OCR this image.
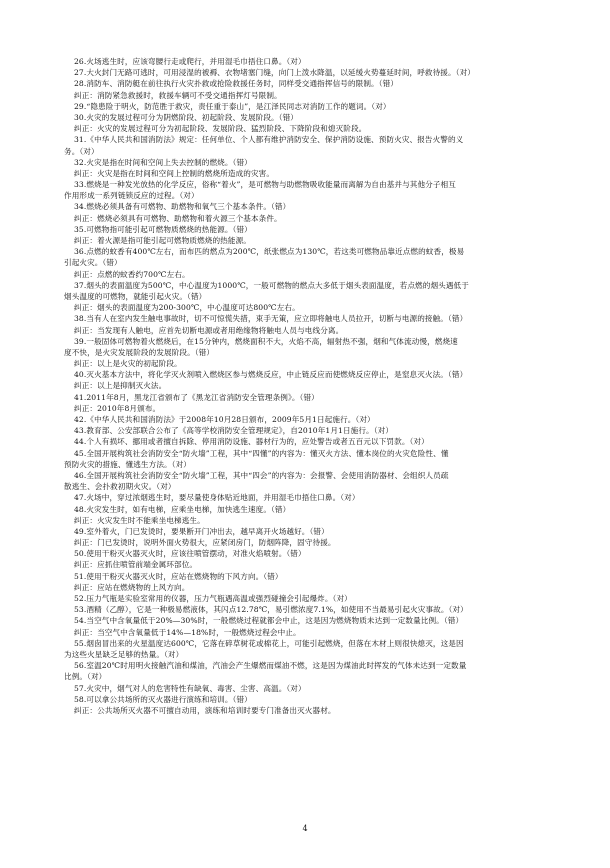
26.火场逃生时，应该弯腰行走或爬行，并用湿毛巾捂住口鼻。（对）
27.大火封门无路可逃时，可用浸湿的被褥、衣物堵塞门缝，向门上泼水降温，以延缓火势蔓延时间，呼救待援。（对）
28.消防车、消防艇在前往执行火灾扑救或抢险救援任务时，同样受交通指挥信号的限制。（错）
纠正：消防紧急救援时，救援车辆可不受交通指挥灯号限制。
29.“隐患险于明火，防范胜于救灾，责任重于泰山”，是江泽民同志对消防工作的题词。（对）
30.火灾的发展过程可分为阴燃阶段、初起阶段、发展阶段。（错）
纠正：火灾的发展过程可分为初起阶段、发展阶段、猛烈阶段、下降阶段和熄灭阶段。
31.《中华人民共和国消防法》规定：任何单位、个人都有维护消防安全、保护消防设施、预防火灾、报告火警的义
务。（对）
32.火灾是指在时间和空间上失去控制的燃烧。（错）
纠正：火灾是指在时间和空间上控制的燃烧所造成的灾害。
33.燃烧是一种发光放热的化学反应，俗称“着火”，是可燃物与助燃物吸收能量而离解为自由基并与其他分子相互
作用形成一系列链锁反应的过程。（对）
34.燃烧必须具备有可燃物、助燃物和氧气三个基本条件。（错）
纠正：燃烧必须具有可燃物、助燃物和着火源三个基本条件。
35.可燃物指可能引起可燃物质燃烧的热能源。（错）
纠正：着火源是指可能引起可燃物质燃烧的热能源。
36.点燃的蚊香有400℃左右，而布匹的燃点为200℃，纸张燃点为130℃，若这类可燃物品靠近点燃的蚊香，极易
引起火灾。（错）
纠正：点燃的蚊香约700℃左右。
37.烟头的表面温度为500℃，中心温度为1000℃，一般可燃物的燃点大多低于烟头表面温度，若点燃的烟头遇低于
烟头温度的可燃物，就能引起火灾。（错）
纠正：烟头的表面温度为200-300℃，中心温度可达800℃左右。
38.当有人在室内发生触电事故时，切不可惊慌失措，束手无策，应立即将触电人员拉开，切断与电源的接触。（错）
纠正：当发现有人触电，应首先切断电源或者用绝缘物将触电人员与电线分离。
39.一般固体可燃物着火燃烧后，在15分钟内，燃烧面积不大，火焰不高，辐射热不强，烟和气体流动慢，燃烧速
度不快，是火灾发展阶段的发展阶段。（错）
纠正：以上是火灾的初起阶段。
40.灭火基本方法中，将化学灭火剂喷入燃烧区参与燃烧反应，中止链反应而使燃烧反应停止，是窒息灭火法。（错）
纠正：以上是抑制灭火法。
41.2011年8月，黑龙江省颁布了《黑龙江省消防安全管理条例》。（错）
纠正：2010年8月颁布。
42.《中华人民共和国消防法》于2008年10月28日颁布，2009年5月1日起施行。（对）
43.教育部、公安部联合公布了《高等学校消防安全管理规定》，自2010年1月1日施行。（对）
44.个人有损坏、挪用或者擅自拆除、停用消防设施、器材行为的，应处警告或者五百元以下罚款。（对）
45.全国开展构筑社会消防安全“防火墙”工程，其中“四懂”的内容为：懂灭火方法、懂本岗位的火灾危险性、懂
预防火灾的措施、懂逃生方法。（对）
46.全国开展构筑社会消防安全“防火墙”工程，其中“四会”的内容为：会报警、会使用消防器材、会组织人员疏
散逃生、会扑救初期火灾。（对）
47.火场中，穿过浓烟逃生时，要尽量使身体贴近地面，并用湿毛巾捂住口鼻。（对）
48.火灾发生时，如有电梯，应乘坐电梯，加快逃生速度。（错）
纠正：火灾发生时不能乘坐电梯逃生。
49.室外着火，门已发烫时，要果断开门冲出去，越早离开火场越好。（错）
纠正：门已发烫时，说明外面火势很大，应紧闭房门，防烟阵降，固守待援。
50.使用干粉灭火器灭火时，应该往喷管摆动，对准火焰喷射。（错）
纠正：应抓住喷管前端金属环部位。
51.使用干粉灭火器灭火时，应站在燃烧物的下风方向。（错）
纠正：应站在燃烧物的上风方向。
52.压力气瓶是实验室常用的仪器，压力气瓶遇高温或强烈碰撞会引起爆炸。（对）
53.酒精（乙醇），它是一种极易燃液体，其闪点12.78℃，易引燃浓度7.1%，如使用不当最易引起火灾事故。（对）
54.当空气中含氧量低于20%—30%时，一般燃烧过程就都会中止，这是因为燃烧物质未达到一定数量比例。（错）
纠正：当空气中含氧量低于14%—18%时，一般燃烧过程会中止。
55.烟囱冒出来的火星温度达600℃，它落在碎草树花或棉花上，可能引起燃烧，但落在木材上则很快熄灭，这是因
为这些火星缺乏足够的热量。（对）
56.室温20℃时用明火接触汽油和煤油，汽油会产生爆燃而煤油不燃，这是因为煤油此时挥发的气体未达到一定数量
比例。（对）
57.火灾中，烟气对人的危害特性有缺氧、毒害、尘害、高温。（对）
58.可以拿公共场所的灭火器进行演练和培训。（错）
纠正：公共场所灭火器不可擅自动用，演练和培训时要专门准备出灭火器材。
4
